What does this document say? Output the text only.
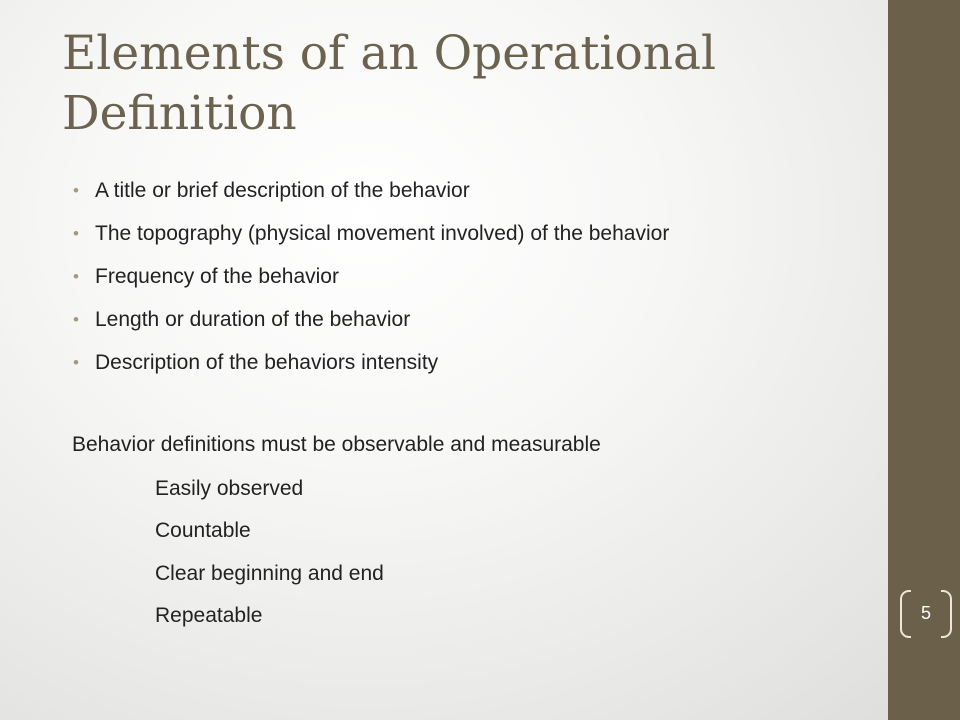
Elements of an Operational Definition
• A title or brief description of the behavior
• The topography (physical movement involved) of the behavior
• Frequency of the behavior
• Length or duration of the behavior
• Description of the behaviors intensity
Behavior definitions must be observable and measurable
Easily observed
Countable
Clear beginning and end
Repeatable	5
